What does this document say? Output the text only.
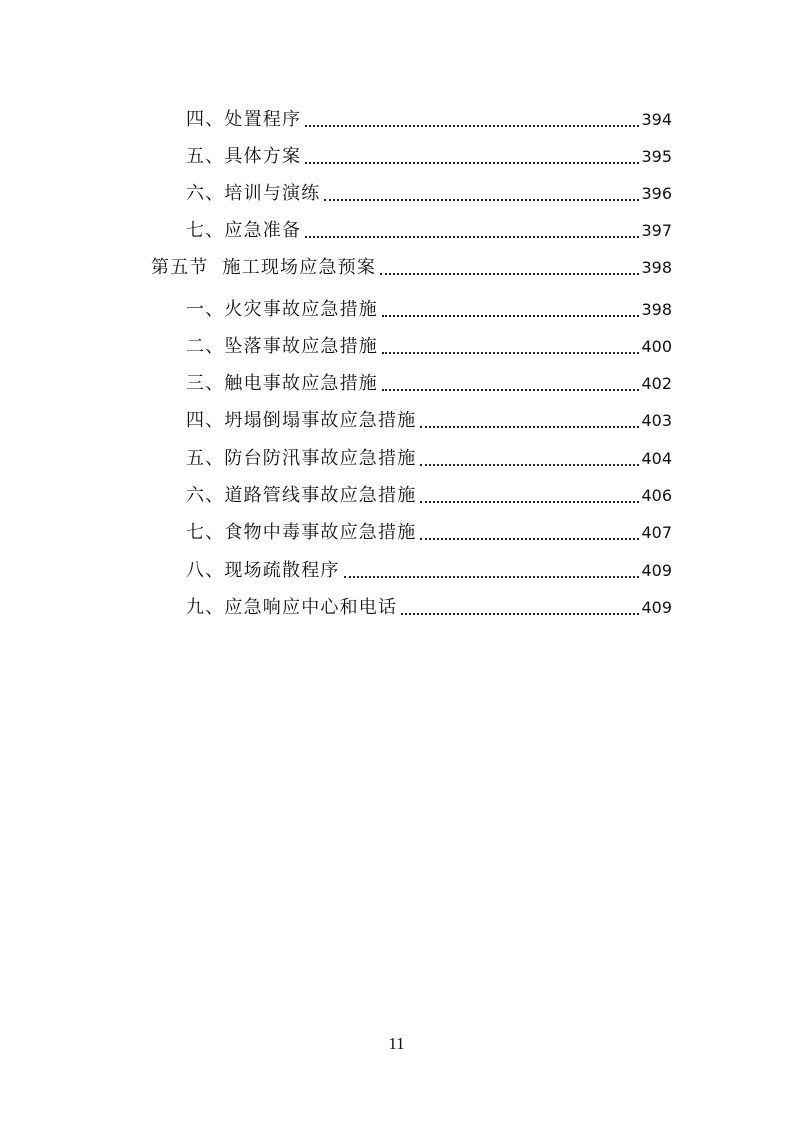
四、处置程序	394
五、具体方案	395
六、培训与演练	396
七、应急准备	397
第五节  施工现场应急预案	398
一、火灾事故应急措施	398
二、坠落事故应急措施	400
三、触电事故应急措施	402
四、坍塌倒塌事故应急措施	403
五、防台防汛事故应急措施	404
六、道路管线事故应急措施	406
七、食物中毒事故应急措施	407
八、现场疏散程序	409
九、应急响应中心和电话	409
11
